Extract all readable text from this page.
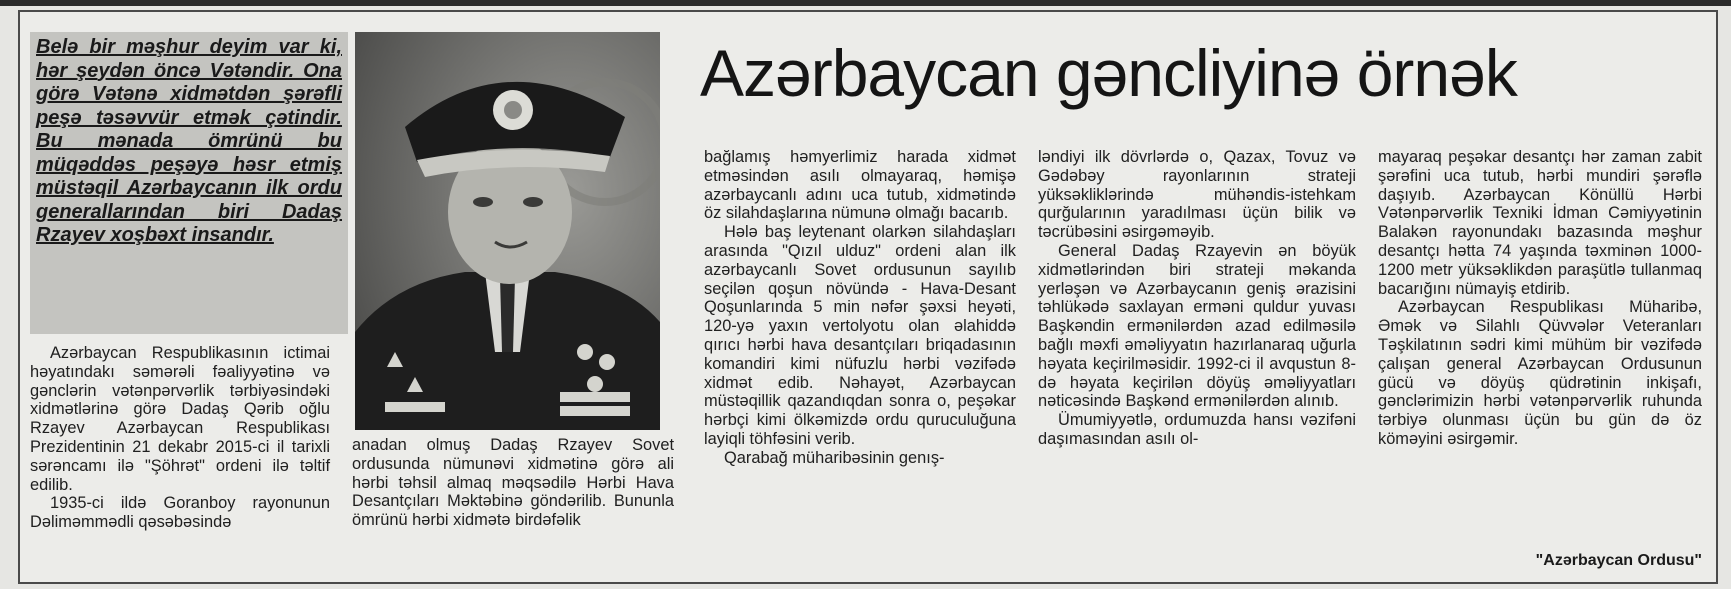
Belə bir məşhur deyim var ki, hər şeydən öncə Vətəndir. Ona görə Vətənə xidmətdən şərəfli peşə təsəvvür etmək çətindir. Bu mənada ömrünü bu müqəddəs peşəyə həsr etmiş müstəqil Azərbaycanın ilk ordu generallarından biri Dadaş Rzayev xoşbəxt insandır.
Azərbaycan gəncliyinə örnək

Azərbaycan Respublikasının ictimai həyatındakı səmərəli fəaliyyətinə və gənclərin vətənpərvərlik tərbiyəsindəki xidmətlərinə görə Dadaş Qərib oğlu Rzayev Azərbaycan Respublikası Prezidentinin 21 dekabr 2015-ci il tarixli sərəncamı ilə "Şöhrət" ordeni ilə təltif edilib.

1935-ci ildə Goranboy rayonunun Dəliməmmədli qəsəbəsində

anadan olmuş Dadaş Rzayev Sovet ordusunda nümunəvi xidmətinə görə ali hərbi təhsil almaq məqsədilə Hərbi Hava Desantçıları Məktəbinə göndərilib. Bununla ömrünü hərbi xidmətə birdəfəlik

bağlamış həmyerlimiz harada xidmət etməsindən asılı olmayaraq, həmişə azərbaycanlı adını uca tutub, xidmətində öz silahdaşlarına nümunə olmağı bacarıb.

Hələ baş leytenant olarkən silahdaşları arasında "Qızıl ulduz" ordeni alan ilk azərbaycanlı Sovet ordusunun sayılıb seçilən qoşun növündə - Hava-Desant Qoşunlarında 5 min nəfər şəxsi heyəti, 120-yə yaxın vertolyotu olan əlahiddə qırıcı hərbi hava desantçıları briqadasının komandiri kimi nüfuzlu hərbi vəzifədə xidmət edib. Nəhayət, Azərbaycan müstəqillik qazandıqdan sonra o, peşəkar hərbçi kimi ölkəmizdə ordu quruculuğuna layiqli töhfəsini verib.

Qarabağ müharibəsinin genış-

ləndiyi ilk dövrlərdə o, Qazax, Tovuz və Gədəbəy rayonlarının strateji yüksəkliklərində mühəndis-istehkam qurğularının yaradılması üçün bilik və təcrübəsini əsirgəməyib.

General Dadaş Rzayevin ən böyük xidmətlərindən biri strateji məkanda yerləşən və Azərbaycanın geniş ərazisini təhlükədə saxlayan erməni quldur yuvası Başkəndin ermənilərdən azad edilməsilə bağlı məxfi əməliyyatın hazırlanaraq uğurla həyata keçirilməsidir. 1992-ci il avqustun 8-də həyata keçirilən döyüş əməliyyatları nəticəsində Başkənd ermənilərdən alınıb.

Ümumiyyətlə, ordumuzda hansı vəzifəni daşımasından asılı ol-

mayaraq peşəkar desantçı hər zaman zabit şərəfini uca tutub, hərbi mundiri şərəflə daşıyıb. Azərbaycan Könüllü Hərbi Vətənpərvərlik Texniki İdman Cəmiyyətinin Balakən rayonundakı bazasında məşhur desantçı hətta 74 yaşında təxminən 1000-1200 metr yüksəklikdən paraşütlə tullanmaq bacarığını nümayiş etdirib.

Azərbaycan Respublikası Müharibə, Əmək və Silahlı Qüvvələr Veteranları Təşkilatının sədri kimi mühüm bir vəzifədə çalışan general Azərbaycan Ordusunun gücü və döyüş qüdrətinin inkişafı, gənclərimizin hərbi vətənpərvərlik ruhunda tərbiyə olunması üçün bu gün də öz köməyini əsirgəmir.

"Azərbaycan Ordusu"
